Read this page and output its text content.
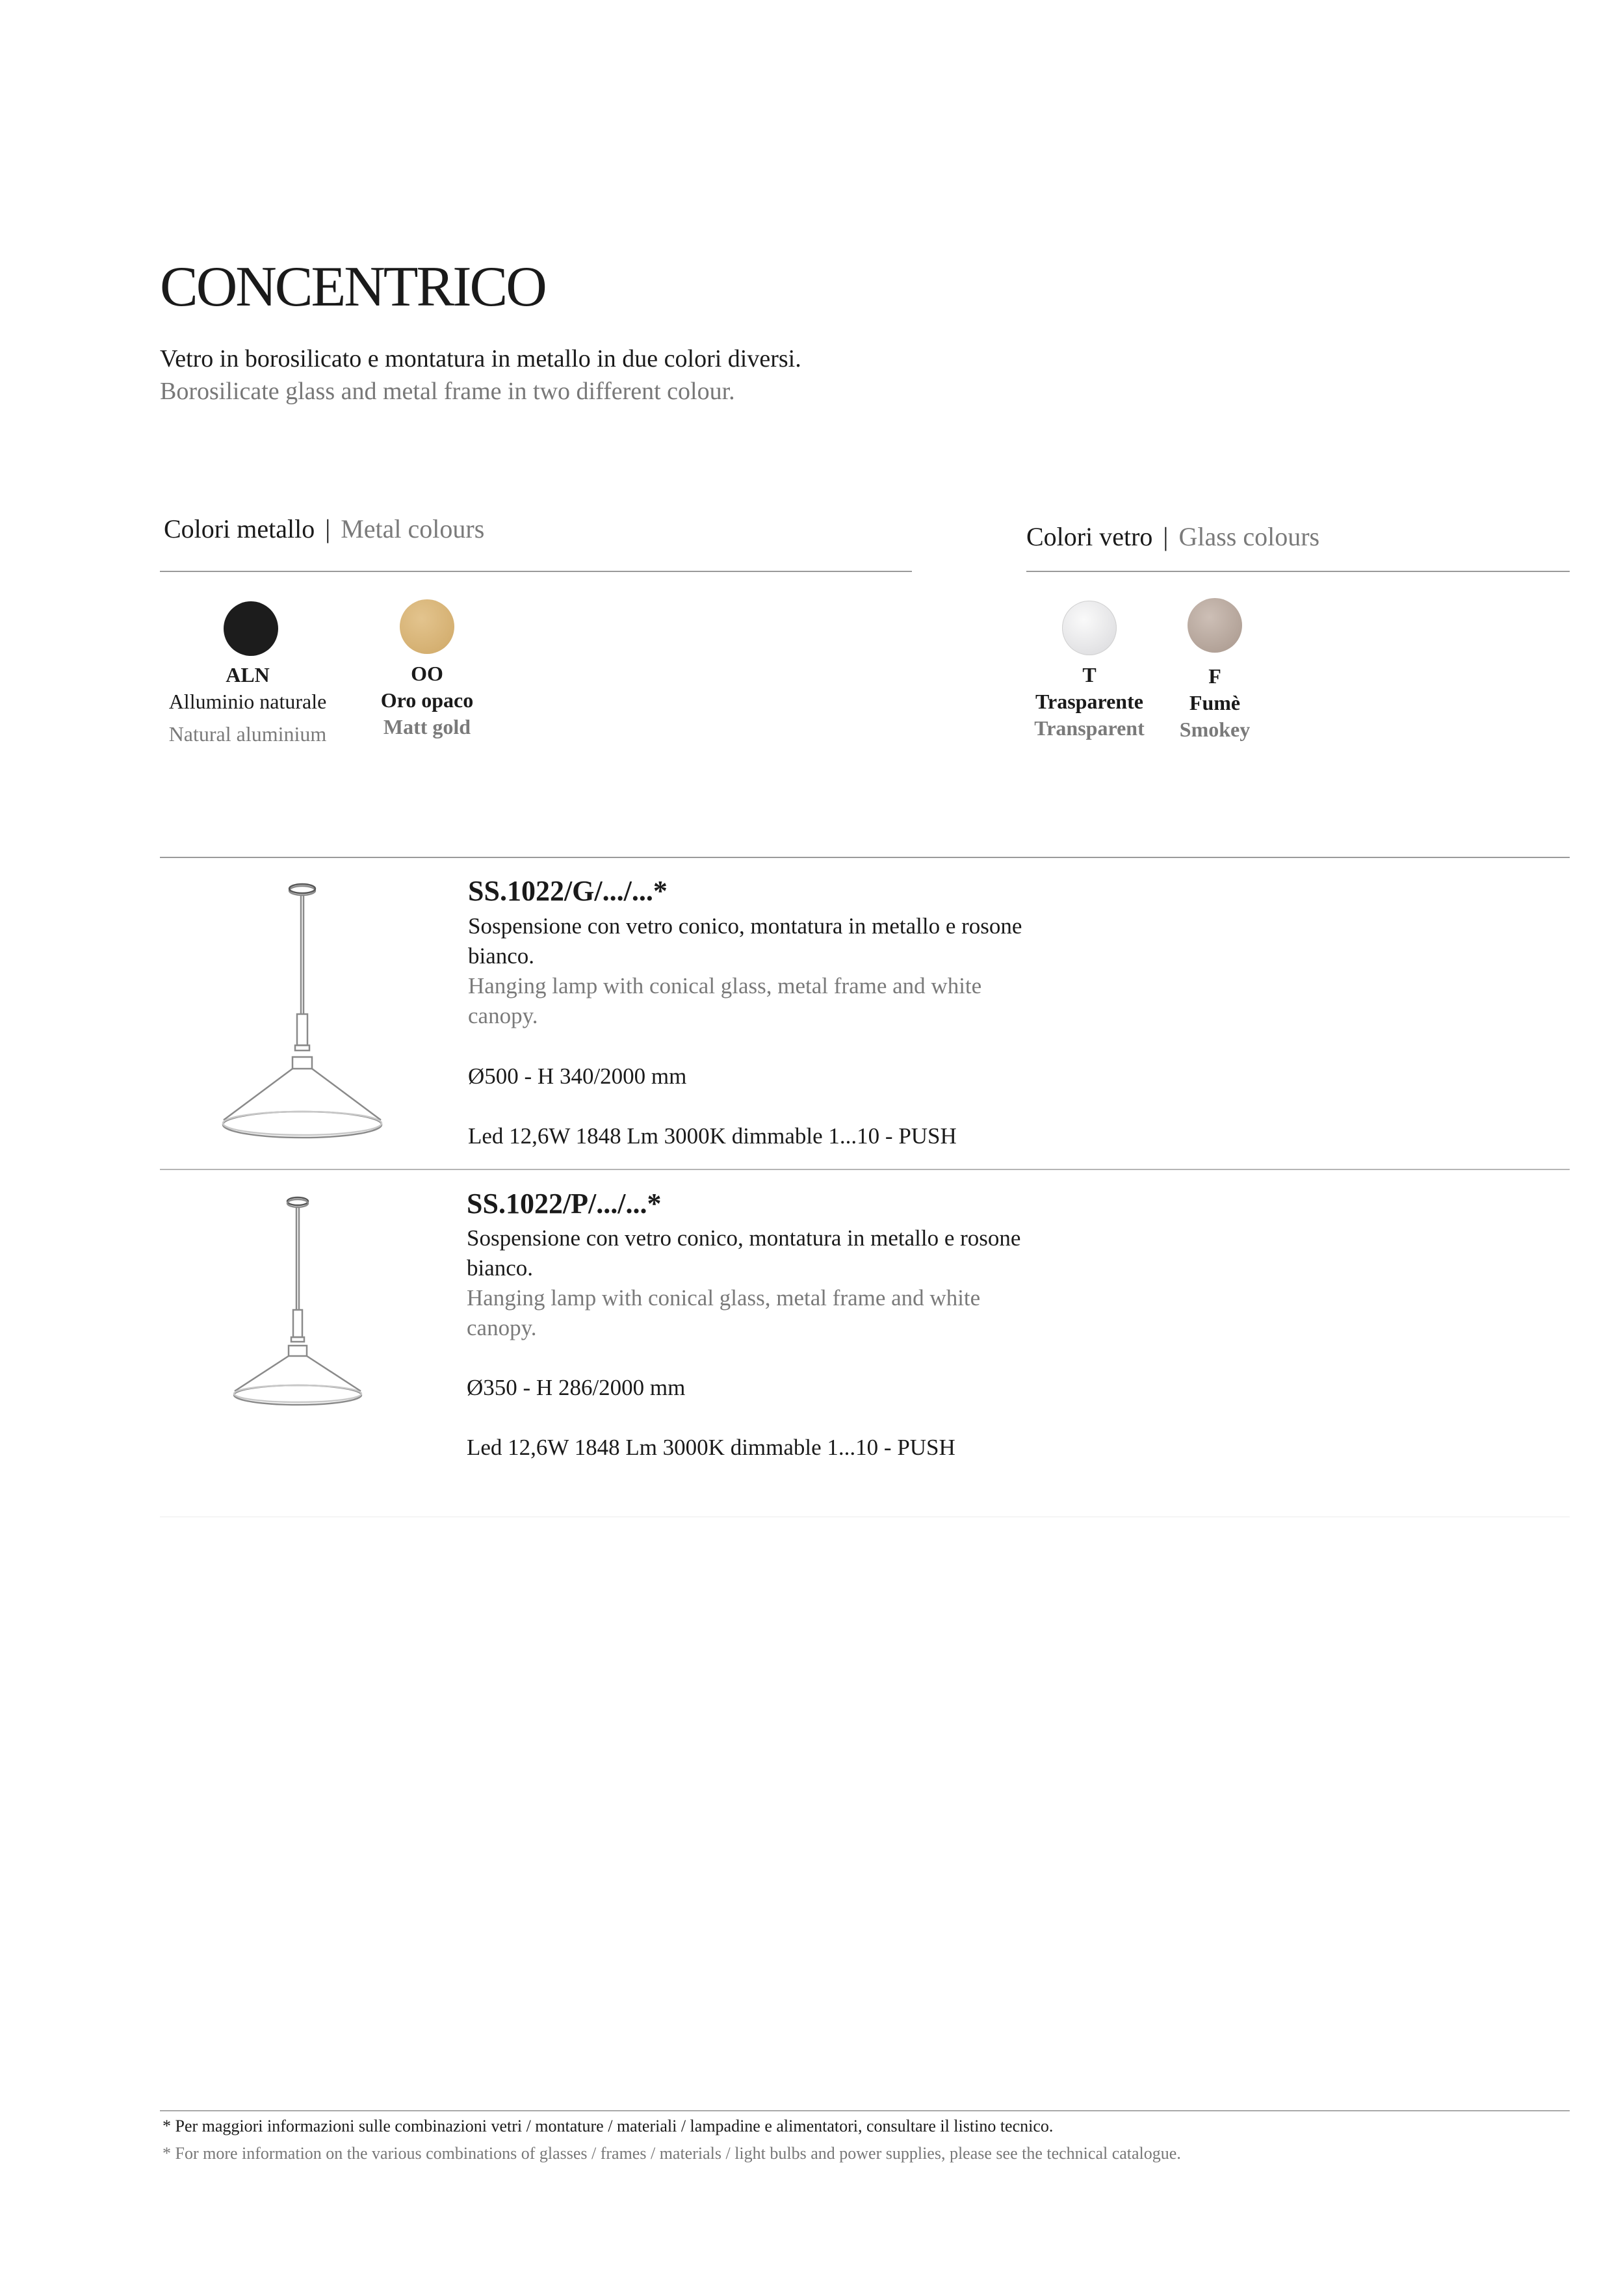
CONCENTRICO
Vetro in borosilicato e montatura in metallo in due colori diversi.
Borosilicate glass and metal frame in two different colour.
Colori metallo | Metal colours
ALN
Alluminio naturale
Natural aluminium
OO
Oro opaco
Matt gold
Colori vetro | Glass colours
T
Trasparente
Transparent
F
Fumè
Smokey
SS.1022/G/.../...*
Sospensione con vetro conico, montatura in metallo e rosone bianco.
Hanging lamp with conical glass, metal frame and white canopy.
Ø500 - H 340/2000 mm
Led 12,6W 1848 Lm 3000K dimmable 1...10 - PUSH
SS.1022/P/.../...*
Sospensione con vetro conico, montatura in metallo e rosone bianco.
Hanging lamp with conical glass, metal frame and white canopy.
Ø350 - H 286/2000 mm
Led 12,6W 1848 Lm 3000K dimmable 1...10 - PUSH
* Per maggiori informazioni sulle combinazioni vetri / montature / materiali / lampadine e alimentatori, consultare il listino tecnico.
* For more information on the various combinations of glasses / frames / materials / light bulbs and power supplies, please see the technical catalogue.
